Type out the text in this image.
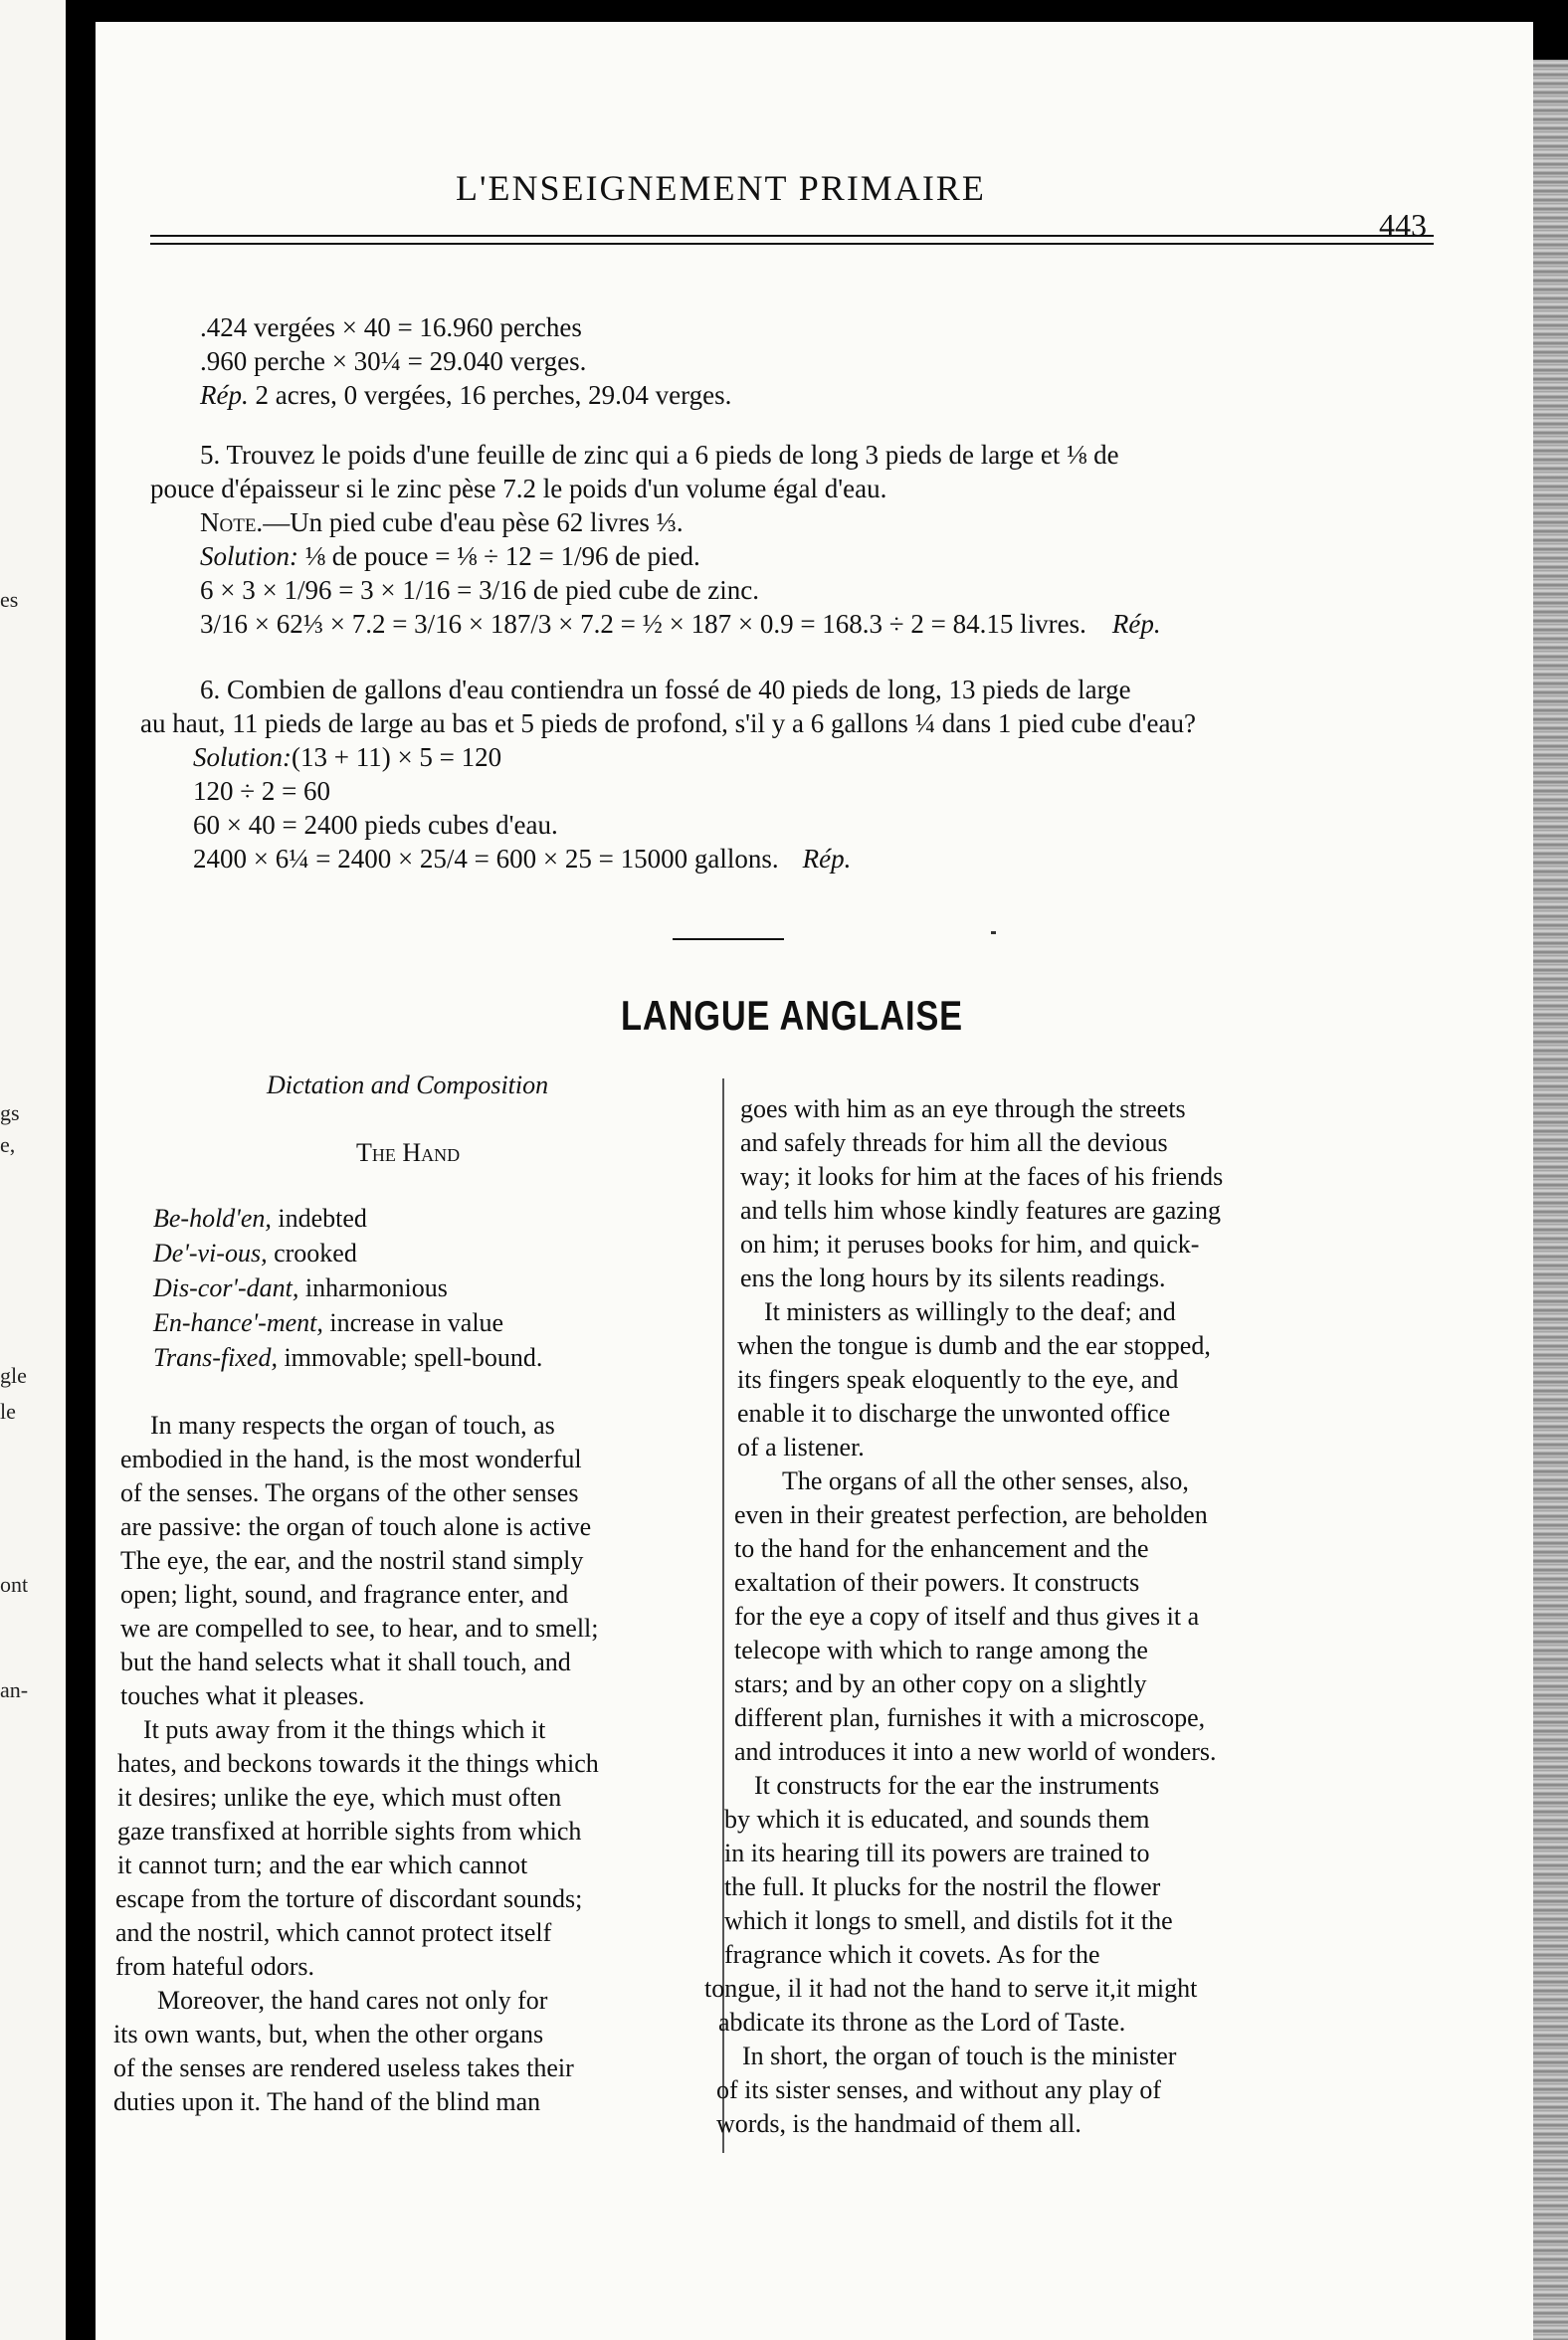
es
gs
e,
gle
le
ont
an-
L'ENSEIGNEMENT PRIMAIRE
443
.424 vergées × 40 = 16.960 perches
.960 perche × 30¼ = 29.040 verges.
Rép. 2 acres, 0 vergées, 16 perches, 29.04 verges.
5. Trouvez le poids d'une feuille de zinc qui a 6 pieds de long 3 pieds de large et ⅛ de
pouce d'épaisseur si le zinc pèse 7.2 le poids d'un volume égal d'eau.
Note.—Un pied cube d'eau pèse 62 livres ⅓.
Solution: ⅛ de pouce = ⅛ ÷ 12 = 1/96 de pied.
6 × 3 × 1/96 = 3 × 1/16 = 3/16 de pied cube de zinc.
3/16 × 62⅓ × 7.2 = 3/16 × 187/3 × 7.2 = ½ × 187 × 0.9 = 168.3 ÷ 2 = 84.15 livres. Rép.
6. Combien de gallons d'eau contiendra un fossé de 40 pieds de long, 13 pieds de large
au haut, 11 pieds de large au bas et 5 pieds de profond, s'il y a 6 gallons ¼ dans 1 pied cube d'eau?
Solution:(13 + 11) × 5 = 120
120 ÷ 2 = 60
60 × 40 = 2400 pieds cubes d'eau.
2400 × 6¼ = 2400 × 25/4 = 600 × 25 = 15000 gallons. Rép.
LANGUE ANGLAISE
Dictation and Composition
The Hand
Be-hold'en, indebted
De'-vi-ous, crooked
Dis-cor'-dant, inharmonious
En-hance'-ment, increase in value
Trans-fixed, immovable; spell-bound.
In many respects the organ of touch, as
embodied in the hand, is the most wonderful
of the senses. The organs of the other senses
are passive: the organ of touch alone is active
The eye, the ear, and the nostril stand simply
open; light, sound, and fragrance enter, and
we are compelled to see, to hear, and to smell;
but the hand selects what it shall touch, and
touches what it pleases.
It puts away from it the things which it
hates, and beckons towards it the things which
it desires; unlike the eye, which must often
gaze transfixed at horrible sights from which
it cannot turn; and the ear which cannot
escape from the torture of discordant sounds;
and the nostril, which cannot protect itself
from hateful odors.
Moreover, the hand cares not only for
its own wants, but, when the other organs
of the senses are rendered useless takes their
duties upon it. The hand of the blind man
goes with him as an eye through the streets
and safely threads for him all the devious
way; it looks for him at the faces of his friends
and tells him whose kindly features are gazing
on him; it peruses books for him, and quick-
ens the long hours by its silents readings.
It ministers as willingly to the deaf; and
when the tongue is dumb and the ear stopped,
its fingers speak eloquently to the eye, and
enable it to discharge the unwonted office
of a listener.
The organs of all the other senses, also,
even in their greatest perfection, are beholden
to the hand for the enhancement and the
exaltation of their powers. It constructs
for the eye a copy of itself and thus gives it a
telecope with which to range among the
stars; and by an other copy on a slightly
different plan, furnishes it with a microscope,
and introduces it into a new world of wonders.
It constructs for the ear the instruments
by which it is educated, and sounds them
in its hearing till its powers are trained to
the full. It plucks for the nostril the flower
which it longs to smell, and distils fot it the
fragrance which it covets. As for the
tongue, il it had not the hand to serve it,it might
abdicate its throne as the Lord of Taste.
In short, the organ of touch is the minister
of its sister senses, and without any play of
words, is the handmaid of them all.
